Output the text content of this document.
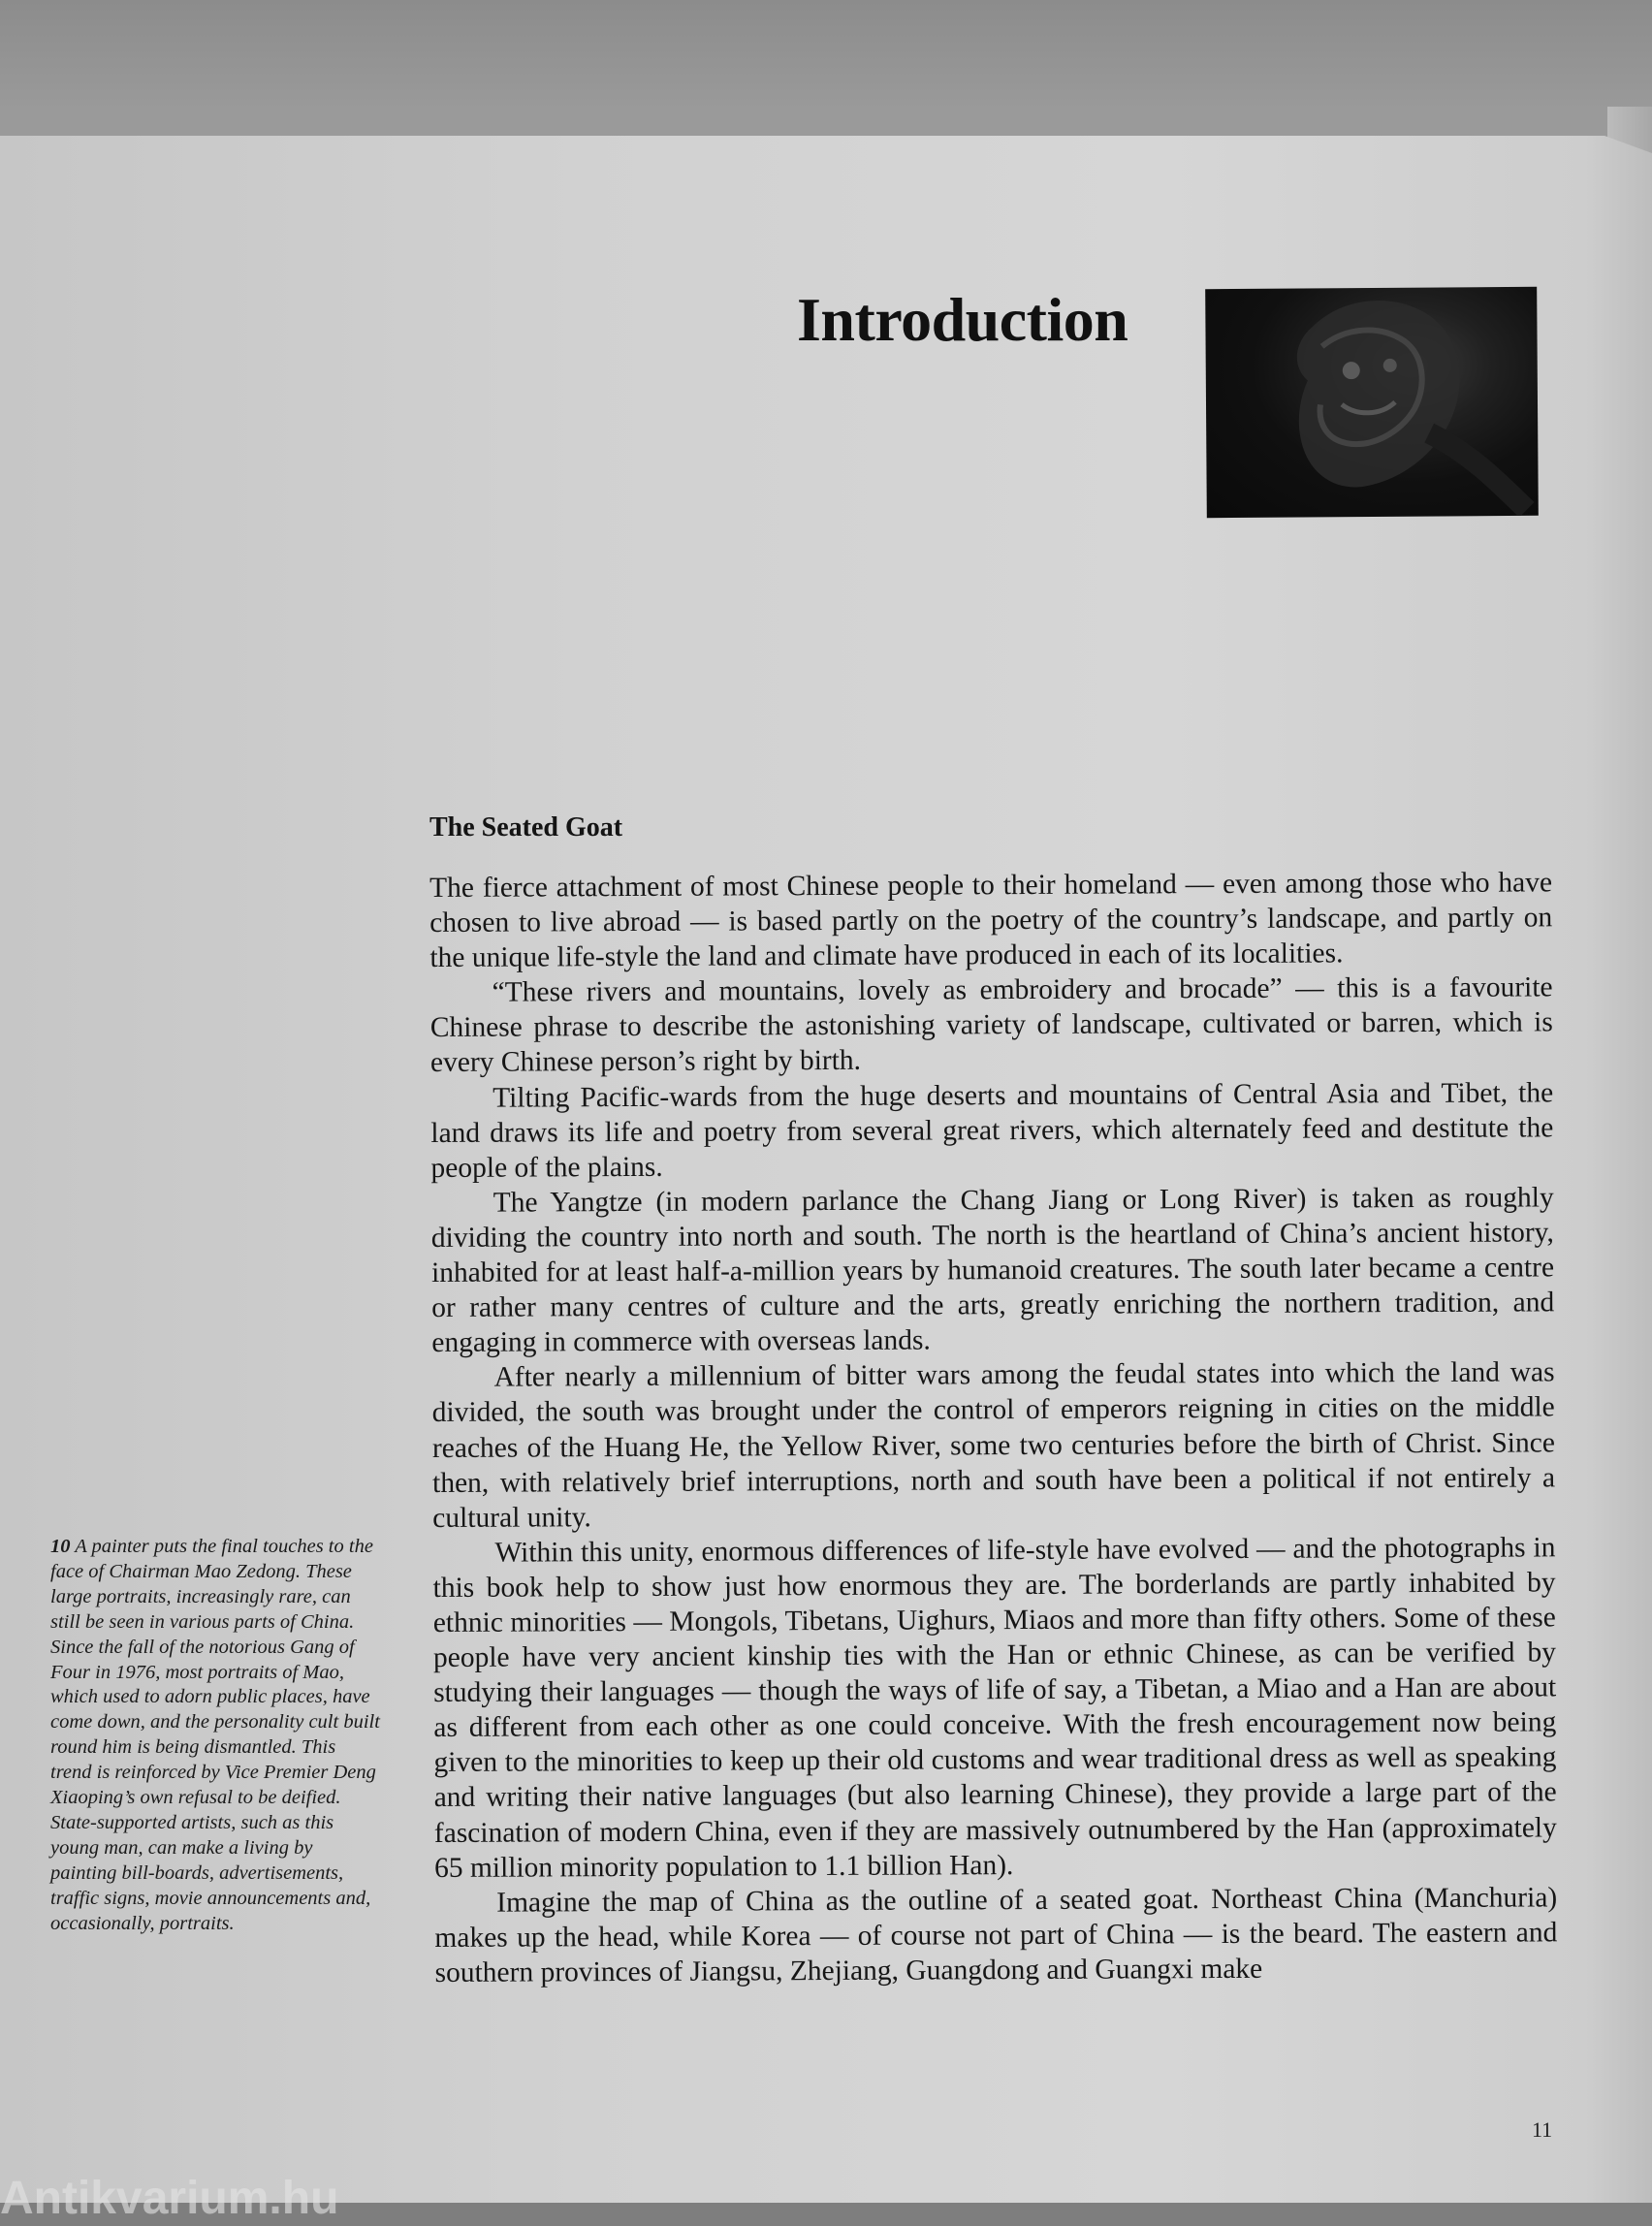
Introduction
The Seated Goat

The fierce attachment of most Chinese people to their homeland — even among those who have chosen to live abroad — is based partly on the poetry of the country’s landscape, and partly on the unique life-style the land and climate have produced in each of its localities.

“These rivers and mountains, lovely as embroidery and brocade” — this is a favourite Chinese phrase to describe the astonishing variety of landscape, cultivated or barren, which is every Chinese person’s right by birth.

Tilting Pacific-wards from the huge deserts and mountains of Central Asia and Tibet, the land draws its life and poetry from several great rivers, which alternately feed and destitute the people of the plains.

The Yangtze (in modern parlance the Chang Jiang or Long River) is taken as roughly dividing the country into north and south. The north is the heartland of China’s ancient history, inhabited for at least half-a-million years by humanoid creatures. The south later became a centre or rather many centres of culture and the arts, greatly enriching the northern tradition, and engaging in commerce with overseas lands.

After nearly a millennium of bitter wars among the feudal states into which the land was divided, the south was brought under the control of emperors reigning in cities on the middle reaches of the Huang He, the Yellow River, some two centuries before the birth of Christ. Since then, with relatively brief interruptions, north and south have been a political if not entirely a cultural unity.

Within this unity, enormous differences of life-style have evolved — and the photographs in this book help to show just how enormous they are. The borderlands are partly inhabited by ethnic minorities — Mongols, Tibetans, Uighurs, Miaos and more than fifty others. Some of these people have very ancient kinship ties with the Han or ethnic Chinese, as can be verified by studying their languages — though the ways of life of say, a Tibetan, a Miao and a Han are about as different from each other as one could conceive. With the fresh encouragement now being given to the minorities to keep up their old customs and wear traditional dress as well as speaking and writing their native languages (but also learning Chinese), they provide a large part of the fascination of modern China, even if they are massively outnumbered by the Han (approximately 65 million minority population to 1.1 billion Han).

Imagine the map of China as the outline of a seated goat. Northeast China (Manchuria) makes up the head, while Korea — of course not part of China — is the beard. The eastern and southern provinces of Jiangsu, Zhejiang, Guangdong and Guangxi make

10 A painter puts the final touches to the face of Chairman Mao Zedong. These large portraits, increasingly rare, can still be seen in various parts of China. Since the fall of the notorious Gang of Four in 1976, most portraits of Mao, which used to adorn public places, have come down, and the personality cult built round him is being dismantled. This trend is reinforced by Vice Premier Deng Xiaoping’s own refusal to be deified. State-supported artists, such as this young man, can make a living by painting bill-boards, advertisements, traffic signs, movie announcements and, occasionally, portraits.
11
Antikvarium.hu
